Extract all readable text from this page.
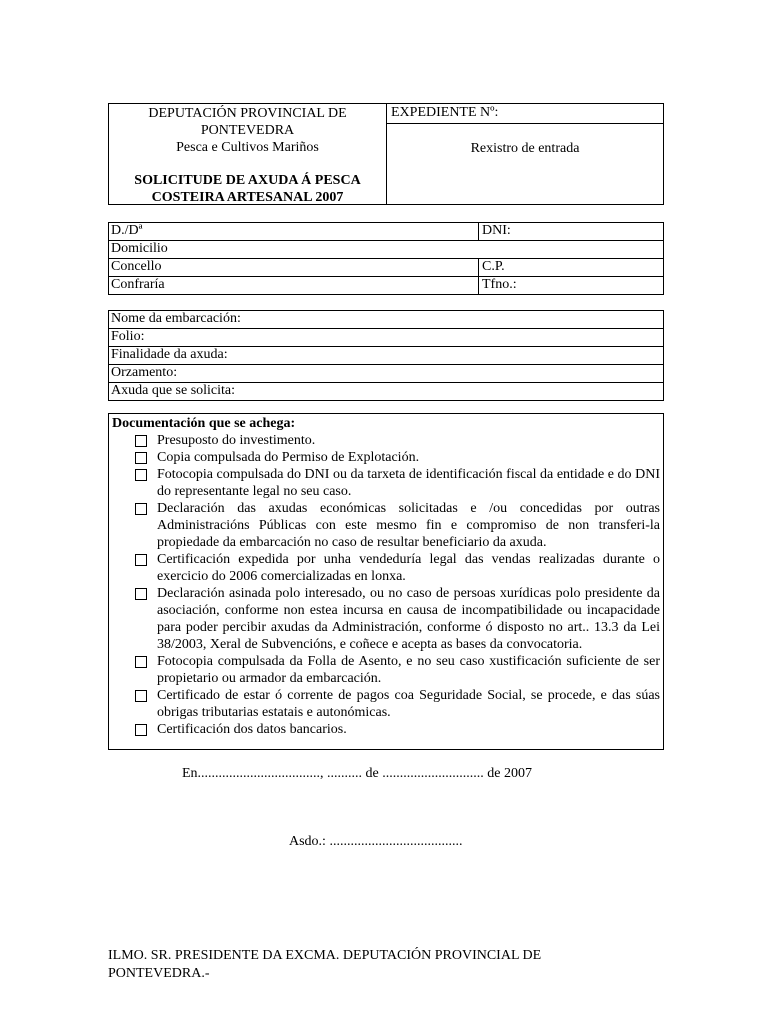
DEPUTACIÓN PROVINCIAL DE
PONTEVEDRA
Pesca e Cultivos Mariños
SOLICITUDE DE AXUDA Á PESCA
COSTEIRA ARTESANAL 2007
EXPEDIENTE Nº:
Rexistro de entrada
D./Dª	DNI:
Domicilio
Concello	C.P.
Confraría	Tfno.:
Nome da embarcación:
Folio:
Finalidade da axuda:
Orzamento:
Axuda que se solicita:
Documentación que se achega:
Presuposto do investimento.
Copia compulsada do Permiso de Explotación.
Fotocopia compulsada do DNI ou da tarxeta de identificación fiscal da entidade e do DNI do representante legal no seu caso.
Declaración das axudas económicas solicitadas e /ou concedidas por outras Administracións Públicas con este mesmo fin e compromiso de non transferi-la propiedade da embarcación no caso de resultar beneficiario da axuda.
Certificación expedida por unha vendeduría legal das vendas realizadas durante o exercicio do 2006 comercializadas en lonxa.
Declaración asinada polo interesado, ou no caso de persoas xurídicas polo presidente da asociación, conforme non estea incursa en causa de incompatibilidade ou incapacidade para poder percibir axudas da Administración, conforme ó disposto no art.. 13.3 da Lei 38/2003, Xeral de Subvencións, e coñece e acepta as bases da convocatoria.
Fotocopia compulsada da Folla de Asento, e no seu caso xustificación suficiente de ser propietario ou armador da embarcación.
Certificado de estar ó corrente de pagos coa Seguridade Social, se procede, e das súas obrigas tributarias estatais e autonómicas.
Certificación dos datos bancarios.
En..................................., .......... de ............................. de 2007
Asdo.: ......................................
ILMO. SR. PRESIDENTE DA EXCMA. DEPUTACIÓN PROVINCIAL DE PONTEVEDRA.-
